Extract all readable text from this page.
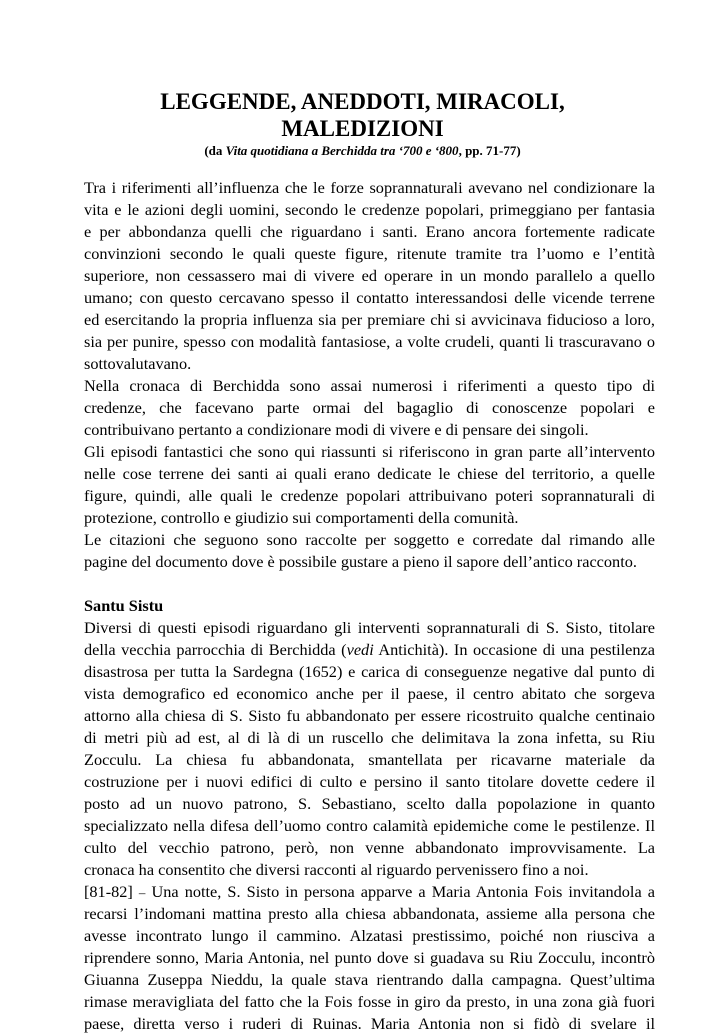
LEGGENDE, ANEDDOTI, MIRACOLI,
MALEDIZIONI
(da Vita quotidiana a Berchidda tra ‘700 e ‘800, pp. 71-77)
Tra i riferimenti all’influenza che le forze soprannaturali avevano nel condizionare la
vita e le azioni degli uomini, secondo le credenze popolari, primeggiano per fantasia
e per abbondanza quelli che riguardano i santi. Erano ancora fortemente radicate
convinzioni secondo le quali queste figure, ritenute tramite tra l’uomo e l’entità
superiore, non cessassero mai di vivere ed operare in un mondo parallelo a quello
umano; con questo cercavano spesso il contatto interessandosi delle vicende terrene
ed esercitando la propria influenza sia per premiare chi si avvicinava fiducioso a loro,
sia per punire, spesso con modalità fantasiose, a volte crudeli, quanti li trascuravano o
sottovalutavano.
Nella cronaca di Berchidda sono assai numerosi i riferimenti a questo tipo di
credenze, che facevano parte ormai del bagaglio di conoscenze popolari e
contribuivano pertanto a condizionare modi di vivere e di pensare dei singoli.
Gli episodi fantastici che sono qui riassunti si riferiscono in gran parte all’intervento
nelle cose terrene dei santi ai quali erano dedicate le chiese del territorio, a quelle
figure, quindi, alle quali le credenze popolari attribuivano poteri soprannaturali di
protezione, controllo e giudizio sui comportamenti della comunità.
Le citazioni che seguono sono raccolte per soggetto e corredate dal rimando alle
pagine del documento dove è possibile gustare a pieno il sapore dell’antico racconto.
Santu Sistu
Diversi di questi episodi riguardano gli interventi soprannaturali di S. Sisto, titolare
della vecchia parrocchia di Berchidda (vedi Antichità). In occasione di una pestilenza
disastrosa per tutta la Sardegna (1652) e carica di conseguenze negative dal punto di
vista demografico ed economico anche per il paese, il centro abitato che sorgeva
attorno alla chiesa di S. Sisto fu abbandonato per essere ricostruito qualche centinaio
di metri più ad est, al di là di un ruscello che delimitava la zona infetta, su Riu
Zocculu. La chiesa fu abbandonata, smantellata per ricavarne materiale da
costruzione per i nuovi edifici di culto e persino il santo titolare dovette cedere il
posto ad un nuovo patrono, S. Sebastiano, scelto dalla popolazione in quanto
specializzato nella difesa dell’uomo contro calamità epidemiche come le pestilenze. Il
culto del vecchio patrono, però, non venne abbandonato improvvisamente. La
cronaca ha consentito che diversi racconti al riguardo pervenissero fino a noi.
[81-82] – Una notte, S. Sisto in persona apparve a Maria Antonia Fois invitandola a
recarsi l’indomani mattina presto alla chiesa abbandonata, assieme alla persona che
avesse incontrato lungo il cammino. Alzatasi prestissimo, poiché non riusciva a
riprendere sonno, Maria Antonia, nel punto dove si guadava su Riu Zocculu, incontrò
Giuanna Zuseppa Nieddu, la quale stava rientrando dalla campagna. Quest’ultima
rimase meravigliata del fatto che la Fois fosse in giro da presto, in una zona già fuori
paese, diretta verso i ruderi di Ruinas. Maria Antonia non si fidò di svelare il
